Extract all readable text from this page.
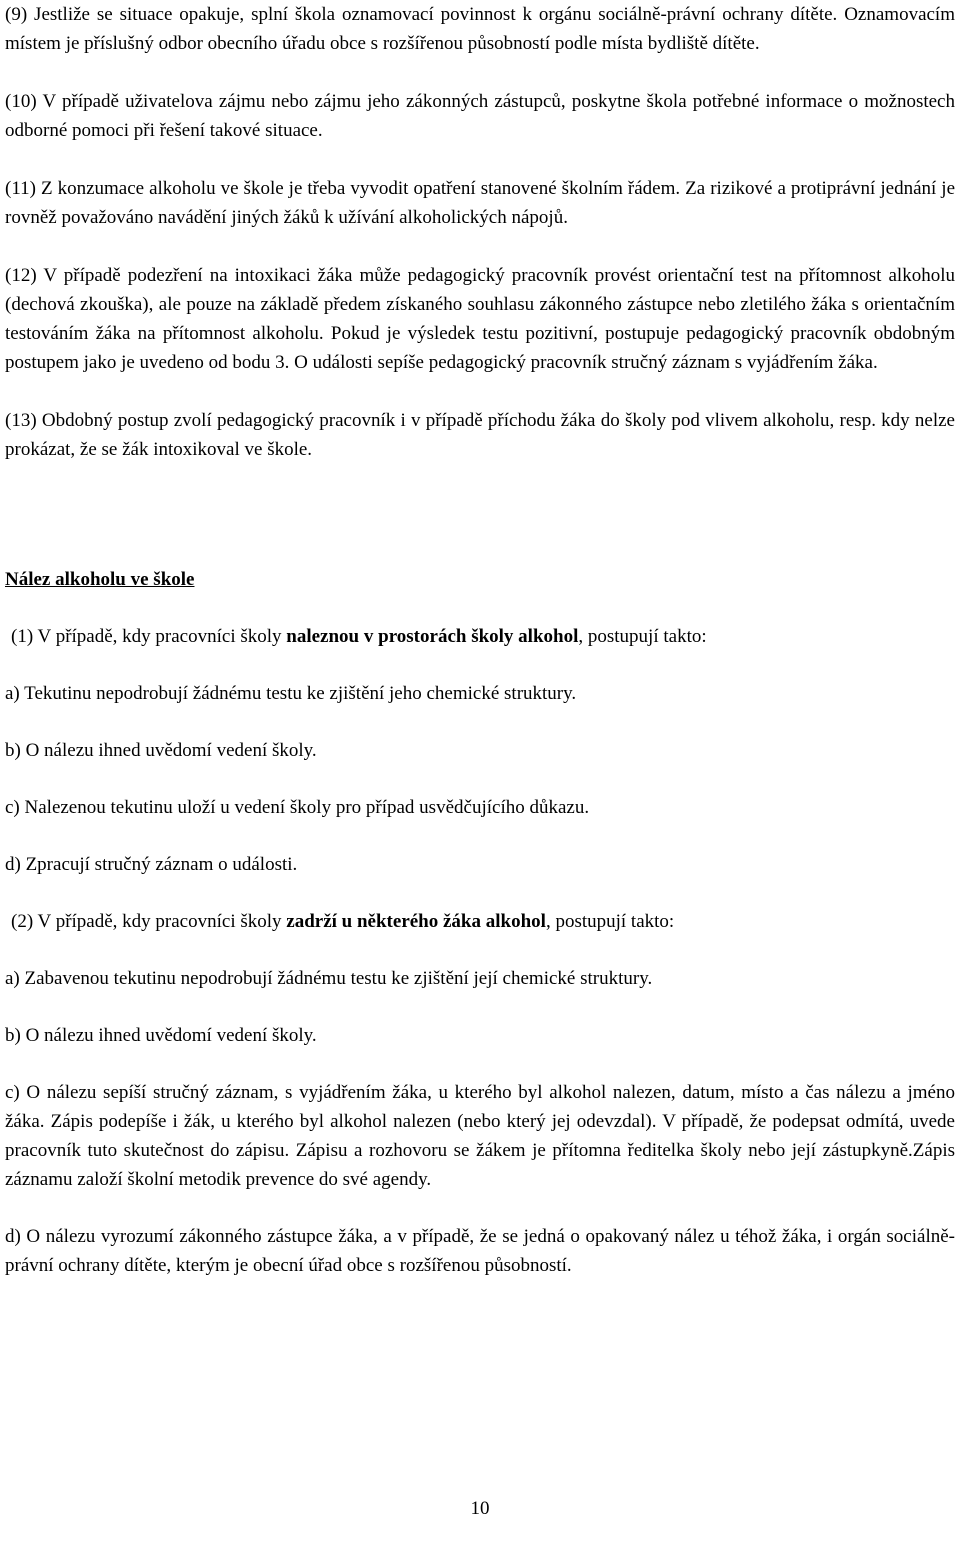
(9) Jestliže se situace opakuje, splní škola oznamovací povinnost k orgánu sociálně-právní ochrany dítěte. Oznamovacím místem je příslušný odbor obecního úřadu obce s rozšířenou působností podle místa bydliště dítěte.

(10) V případě uživatelova zájmu nebo zájmu jeho zákonných zástupců, poskytne škola potřebné informace o možnostech odborné pomoci při řešení takové situace.

(11) Z konzumace alkoholu ve škole je třeba vyvodit opatření stanovené školním řádem. Za rizikové a protiprávní jednání je rovněž považováno navádění jiných žáků k užívání alkoholických nápojů.

(12) V případě podezření na intoxikaci žáka může pedagogický pracovník provést orientační test na přítomnost alkoholu (dechová zkouška), ale pouze na základě předem získaného souhlasu zákonného zástupce nebo zletilého žáka s orientačním testováním žáka na přítomnost alkoholu. Pokud je výsledek testu pozitivní, postupuje pedagogický pracovník obdobným postupem jako je uvedeno od bodu 3. O události sepíše pedagogický pracovník stručný záznam s vyjádřením žáka.

(13) Obdobný postup zvolí pedagogický pracovník i v případě příchodu žáka do školy pod vlivem alkoholu, resp. kdy nelze prokázat, že se žák intoxikoval ve škole.

Nález alkoholu ve škole

(1) V případě, kdy pracovníci školy naleznou v prostorách školy alkohol, postupují takto:

a) Tekutinu nepodrobují žádnému testu ke zjištění jeho chemické struktury.

b) O nálezu ihned uvědomí vedení školy.

c) Nalezenou tekutinu uloží u vedení školy pro případ usvědčujícího důkazu.

d) Zpracují stručný záznam o události.

(2) V případě, kdy pracovníci školy zadrží u některého žáka alkohol, postupují takto:

a) Zabavenou tekutinu nepodrobují žádnému testu ke zjištění její chemické struktury.

b) O nálezu ihned uvědomí vedení školy.

c) O nálezu sepíší stručný záznam, s vyjádřením žáka, u kterého byl alkohol nalezen, datum, místo a čas nálezu a jméno žáka. Zápis podepíše i žák, u kterého byl alkohol nalezen (nebo který jej odevzdal). V případě, že podepsat odmítá, uvede pracovník tuto skutečnost do zápisu. Zápisu a rozhovoru se žákem je přítomna ředitelka školy nebo její zástupkyně.Zápis záznamu založí školní metodik prevence do své agendy.

d) O nálezu vyrozumí zákonného zástupce žáka, a v případě, že se jedná o opakovaný nález u téhož žáka, i orgán sociálně-právní ochrany dítěte, kterým je obecní úřad obce s rozšířenou působností.

10
